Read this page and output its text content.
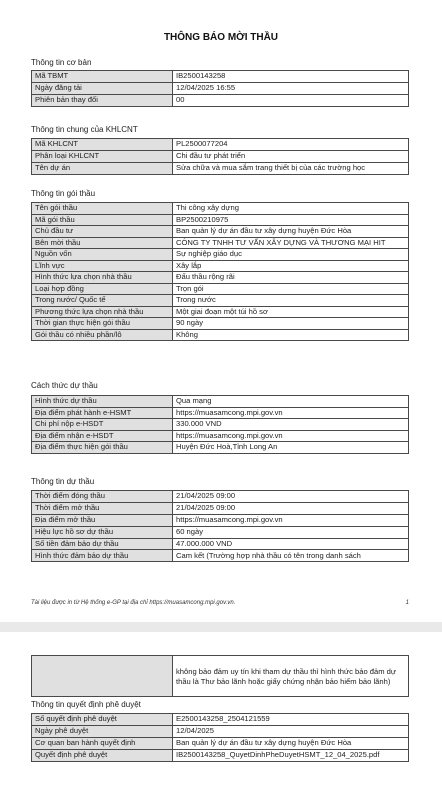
THÔNG BÁO MỜI THẦU
Thông tin cơ bản
Mã TBMT	IB2500143258
Ngày đăng tải	12/04/2025 16:55
Phiên bản thay đổi	00
Thông tin chung của KHLCNT
Mã KHLCNT	PL2500077204
Phân loại KHLCNT	Chi đầu tư phát triển
Tên dự án	Sửa chữa và mua sắm trang thiết bị của các trường học
Thông tin gói thầu
Tên gói thầu	Thi công xây dựng
Mã gói thầu	BP2500210975
Chủ đầu tư	Ban quản lý dự án đầu tư xây dựng huyện Đức Hòa
Bên mời thầu	CÔNG TY TNHH TƯ VẤN XÂY DỰNG VÀ THƯƠNG MẠI HIT
Nguồn vốn	Sự nghiệp giáo dục
Lĩnh vực	Xây lắp
Hình thức lựa chọn nhà thầu	Đấu thầu rộng rãi
Loại hợp đồng	Trọn gói
Trong nước/ Quốc tế	Trong nước
Phương thức lựa chọn nhà thầu	Một giai đoạn một túi hồ sơ
Thời gian thực hiện gói thầu	90 ngày
Gói thầu có nhiều phần/lô	Không
Cách thức dự thầu
Hình thức dự thầu	Qua mạng
Địa điểm phát hành e-HSMT	https://muasamcong.mpi.gov.vn
Chi phí nộp e-HSDT	330.000 VND
Địa điểm nhận e-HSDT	https://muasamcong.mpi.gov.vn
Địa điểm thực hiện gói thầu	Huyện Đức Hoà,Tỉnh Long An
Thông tin dự thầu
Thời điểm đóng thầu	21/04/2025 09:00
Thời điểm mở thầu	21/04/2025 09:00
Địa điểm mở thầu	https://muasamcong.mpi.gov.vn
Hiệu lực hồ sơ dự thầu	60 ngày
Số tiền đảm bảo dự thầu	47.000.000 VND
Hình thức đảm bảo dự thầu	Cam kết (Trường hợp nhà thầu có tên trong danh sách
Tài liệu được in từ Hệ thống e-GP tại địa chỉ https://muasamcong.mpi.gov.vn.	1
	không bảo đảm uy tín khi tham dự thầu thì hình thức bảo đảm dự thầu là Thư bảo lãnh hoặc giấy chứng nhận bảo hiểm bảo lãnh)
Thông tin quyết định phê duyệt
Số quyết định phê duyệt	E2500143258_2504121559
Ngày phê duyệt	12/04/2025
Cơ quan ban hành quyết định	Ban quản lý dự án đầu tư xây dựng huyện Đức Hòa
Quyết định phê duyệt	IB2500143258_QuyetDinhPheDuyetHSMT_12_04_2025.pdf
